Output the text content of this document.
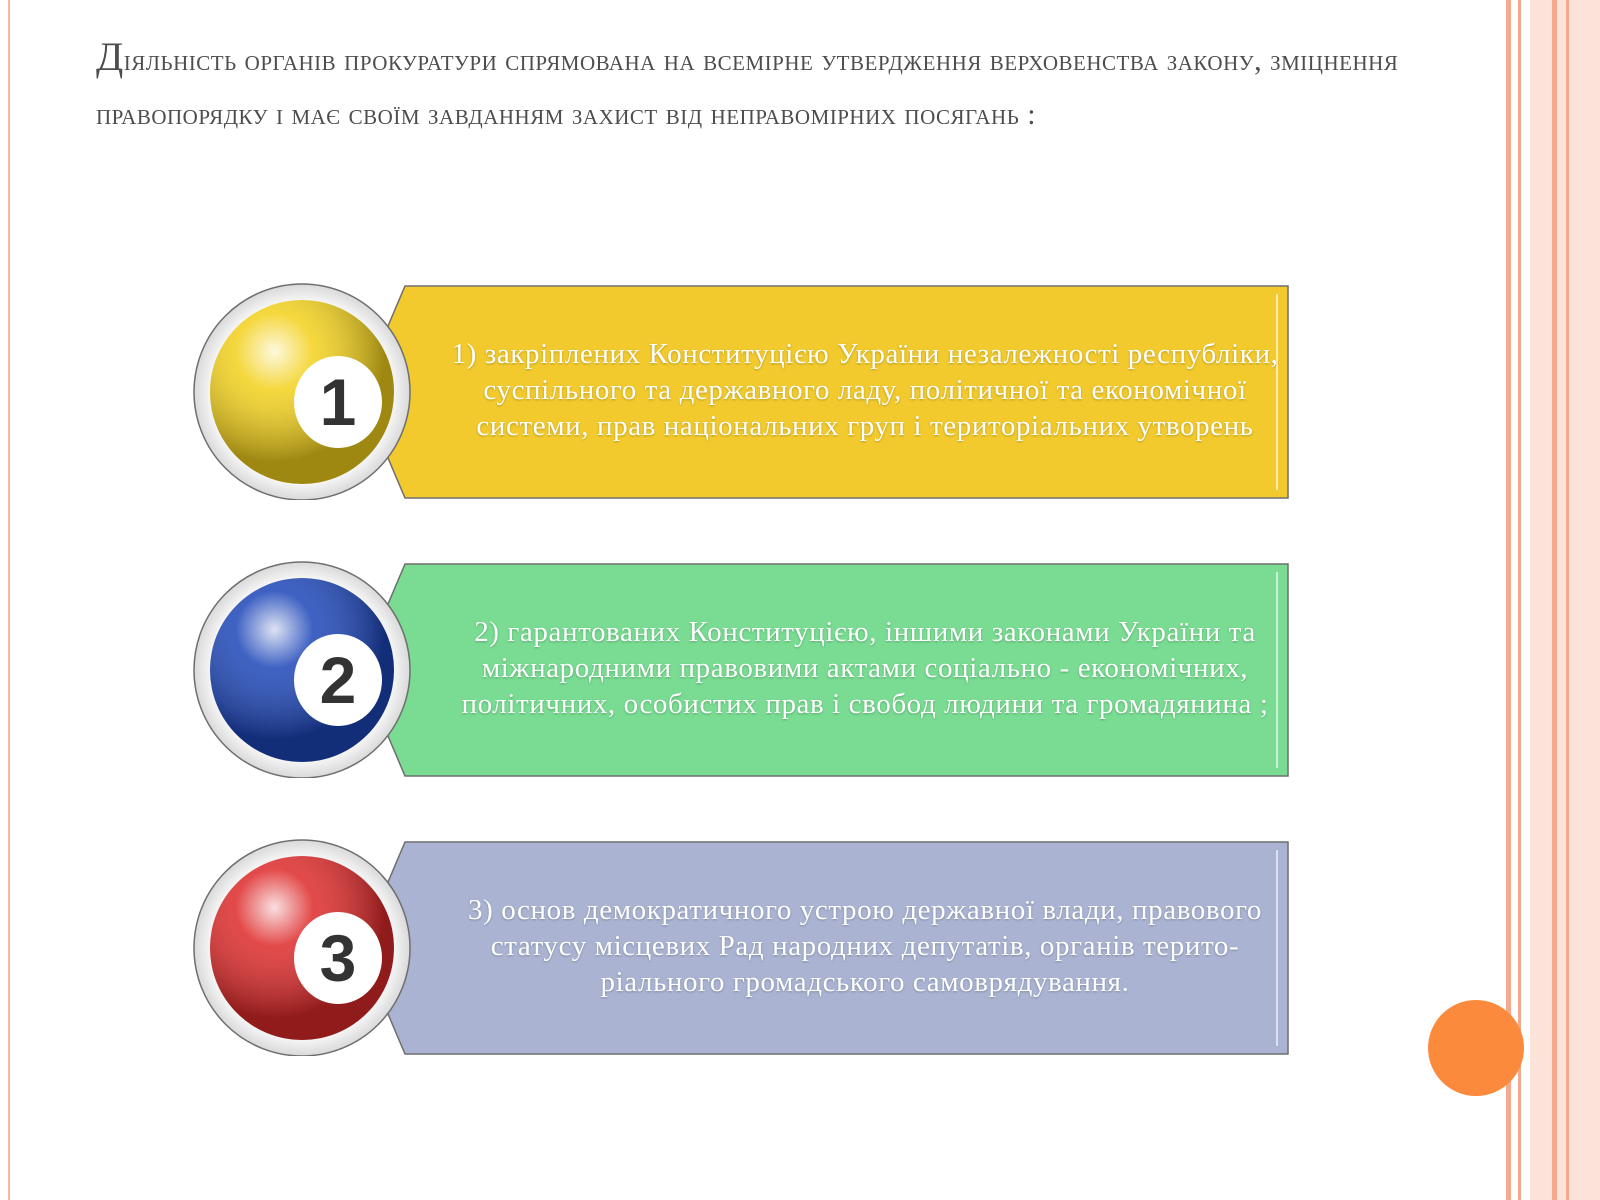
Діяльність органів прокуратури спрямована на всемірне утвердження верховенства закону, зміцнення правопорядку і має своїм завданням захист від неправомірних посягань :
1
1) закріплених Конституцією України незалежності республіки, суспільного та державного ладу, політичної та економічної системи, прав національних груп і територіальних утворень
2
2) гарантованих Конституцією, іншими законами України та міжнародними правовими актами соціально - економічних, політичних, особистих прав і свобод людини та громадянина ;
3
3) основ демократичного устрою державної влади, правового статусу місцевих Рад народних депутатів, органів терито-ріального громадського самоврядування.
